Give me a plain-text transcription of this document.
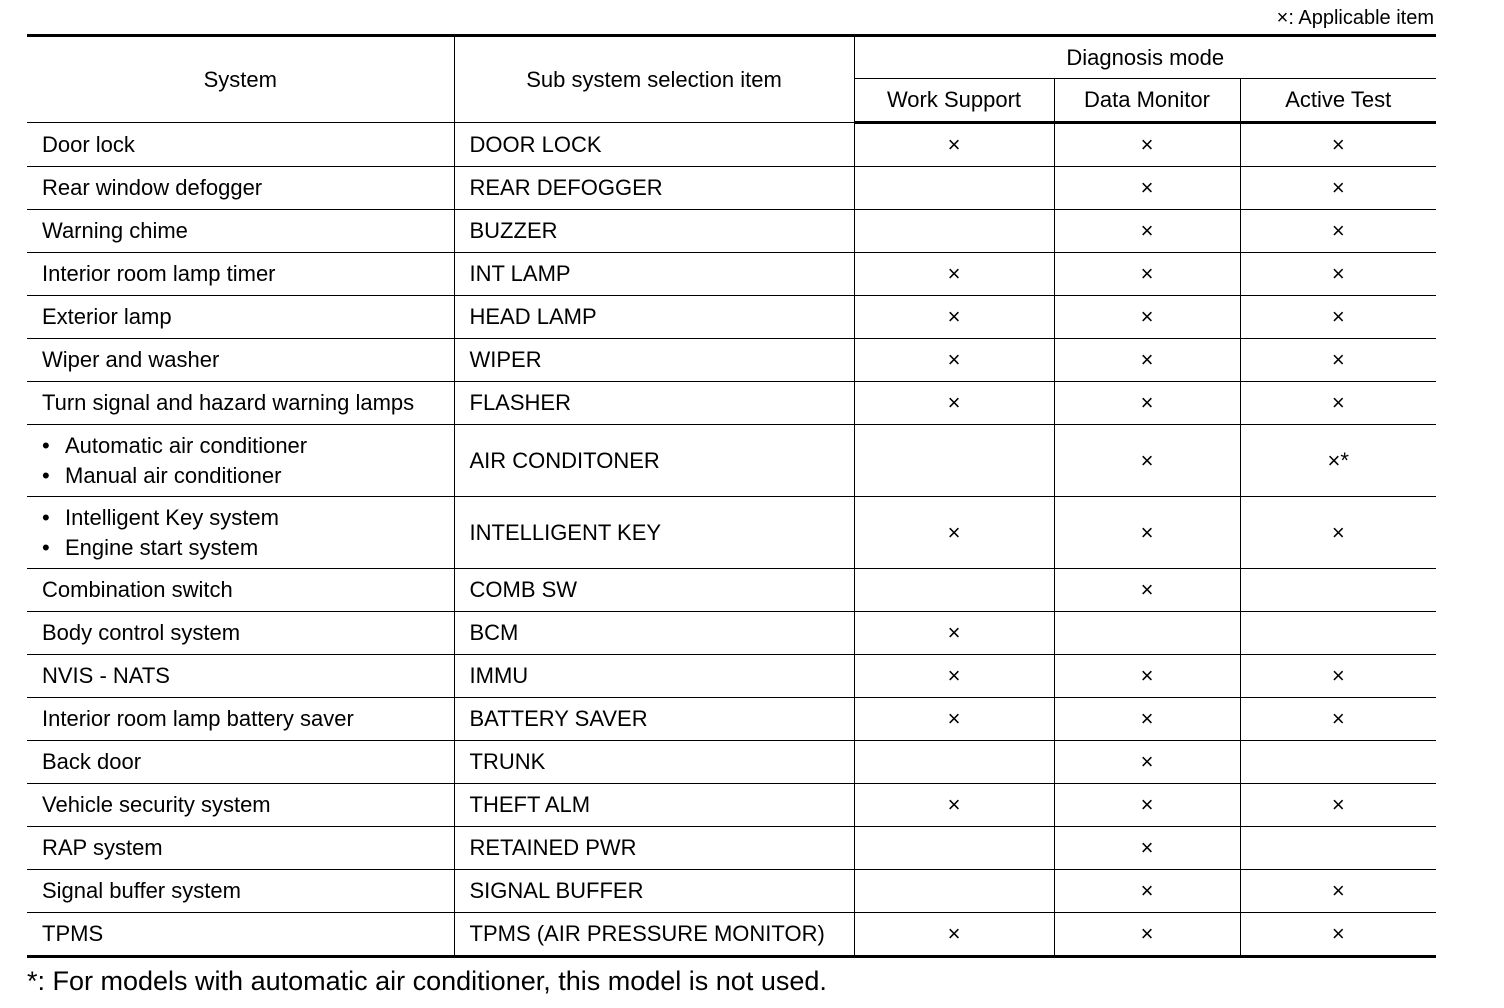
×: Applicable item
System	Sub system selection item	Diagnosis mode		
		Work Support	Data Monitor	Active Test
Door lock	DOOR LOCK	×	×	×
Rear window defogger	REAR DEFOGGER		×	×
Warning chime	BUZZER		×	×
Interior room lamp timer	INT LAMP	×	×	×
Exterior lamp	HEAD LAMP	×	×	×
Wiper and washer	WIPER	×	×	×
Turn signal and hazard warning lamps	FLASHER	×	×	×

• Automatic air conditioner
• Manual air conditioner	AIR CONDITONER		×	×*

• Intelligent Key system
• Engine start system	INTELLIGENT KEY	×	×	×
Combination switch	COMB SW		×	
Body control system	BCM	×		
NVIS - NATS	IMMU	×	×	×
Interior room lamp battery saver	BATTERY SAVER	×	×	×
Back door	TRUNK		×	
Vehicle security system	THEFT ALM	×	×	×
RAP system	RETAINED PWR		×	
Signal buffer system	SIGNAL BUFFER		×	×
TPMS	TPMS (AIR PRESSURE MONITOR)	×	×	×
*: For models with automatic air conditioner, this model is not used.
